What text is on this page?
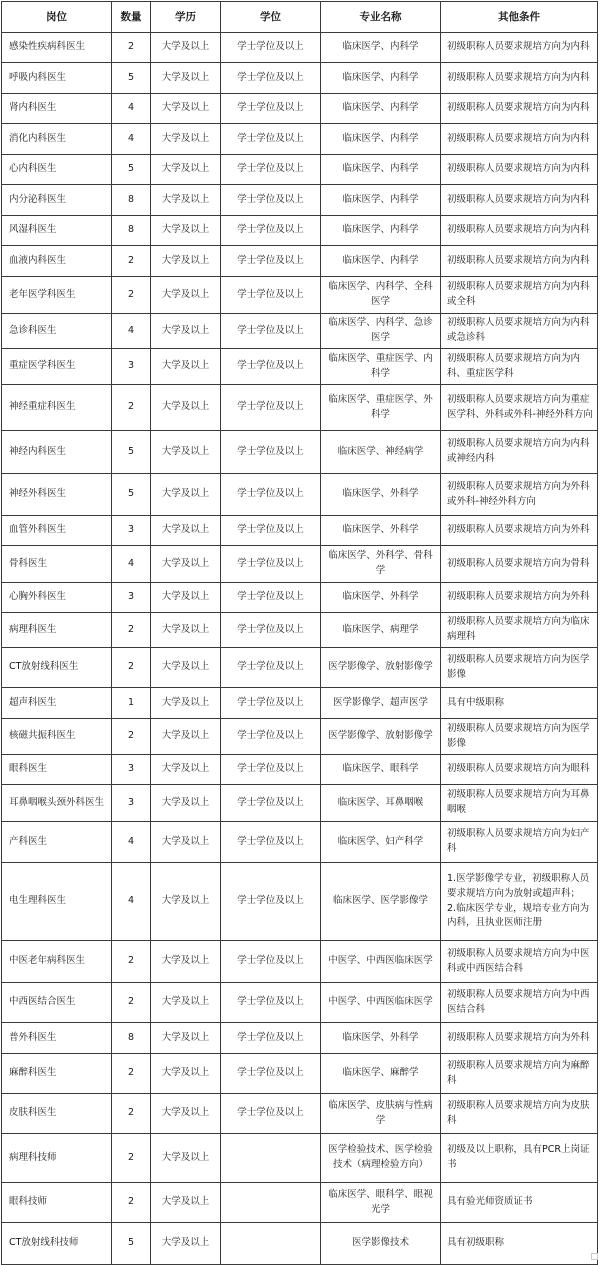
岗位	数量	学历	学位	专业名称	其他条件
感染性疾病科医生	2	大学及以上	学士学位及以上	临床医学、内科学	初级职称人员要求规培方向为内科
呼吸内科医生	5	大学及以上	学士学位及以上	临床医学、内科学	初级职称人员要求规培方向为内科
肾内科医生	4	大学及以上	学士学位及以上	临床医学、内科学	初级职称人员要求规培方向为内科
消化内科医生	4	大学及以上	学士学位及以上	临床医学、内科学	初级职称人员要求规培方向为内科
心内科医生	5	大学及以上	学士学位及以上	临床医学、内科学	初级职称人员要求规培方向为内科
内分泌科医生	8	大学及以上	学士学位及以上	临床医学、内科学	初级职称人员要求规培方向为内科
风湿科医生	8	大学及以上	学士学位及以上	临床医学、内科学	初级职称人员要求规培方向为内科
血液内科医生	2	大学及以上	学士学位及以上	临床医学、内科学	初级职称人员要求规培方向为内科
老年医学科医生	2	大学及以上	学士学位及以上	临床医学、内科学、全科医学	初级职称人员要求规培方向为内科或全科
急诊科医生	4	大学及以上	学士学位及以上	临床医学、内科学、急诊医学	初级职称人员要求规培方向为内科或急诊科
重症医学科医生	3	大学及以上	学士学位及以上	临床医学、重症医学、内科学	初级职称人员要求规培方向为内科、重症医学科
神经重症科医生	2	大学及以上	学士学位及以上	临床医学、重症医学、外科学	初级职称人员要求规培方向为重症医学科、外科或外科-神经外科方向
神经内科医生	5	大学及以上	学士学位及以上	临床医学、神经病学	初级职称人员要求规培方向为内科或神经内科
神经外科医生	5	大学及以上	学士学位及以上	临床医学、外科学	初级职称人员要求规培方向为外科或外科-神经外科方向
血管外科医生	3	大学及以上	学士学位及以上	临床医学、外科学	初级职称人员要求规培方向为外科
骨科医生	4	大学及以上	学士学位及以上	临床医学、外科学、骨科学	初级职称人员要求规培方向为骨科
心胸外科医生	3	大学及以上	学士学位及以上	临床医学、外科学	初级职称人员要求规培方向为外科
病理科医生	2	大学及以上	学士学位及以上	临床医学、病理学	初级职称人员要求规培方向为临床病理科
CT放射线科医生	2	大学及以上	学士学位及以上	医学影像学、放射影像学	初级职称人员要求规培方向为医学影像
超声科医生	1	大学及以上	学士学位及以上	医学影像学、超声医学	具有中级职称
核磁共振科医生	2	大学及以上	学士学位及以上	医学影像学、放射影像学	初级职称人员要求规培方向为医学影像
眼科医生	3	大学及以上	学士学位及以上	临床医学、眼科学	初级职称人员要求规培方向为眼科
耳鼻咽喉头颈外科医生	3	大学及以上	学士学位及以上	临床医学、耳鼻咽喉	初级职称人员要求规培方向为耳鼻咽喉
产科医生	4	大学及以上	学士学位及以上	临床医学、妇产科学	初级职称人员要求规培方向为妇产科
电生理科医生	4	大学及以上	学士学位及以上	临床医学、医学影像学	1.医学影像学专业，初级职称人员要求规培方向为放射或超声科；
2.临床医学专业，规培专业方向为内科，且执业医师注册
中医老年病科医生	2	大学及以上	学士学位及以上	中医学、中西医临床医学	初级职称人员要求规培方向为中医科或中西医结合科
中西医结合医生	2	大学及以上	学士学位及以上	中医学、中西医临床医学	初级职称人员要求规培方向为中西医结合科
普外科医生	8	大学及以上	学士学位及以上	临床医学、外科学	初级职称人员要求规培方向为外科
麻醉科医生	2	大学及以上	学士学位及以上	临床医学、麻醉学	初级职称人员要求规培方向为麻醉科
皮肤科医生	2	大学及以上	学士学位及以上	临床医学、皮肤病与性病学	初级职称人员要求规培方向为皮肤科
病理科技师	2	大学及以上		医学检验技术、医学检验技术（病理检验方向）	初级及以上职称，具有PCR上岗证书
眼科技师	2	大学及以上		临床医学、眼科学、眼视光学	具有验光师资质证书
CT放射线科技师	5	大学及以上		医学影像技术	具有初级职称
